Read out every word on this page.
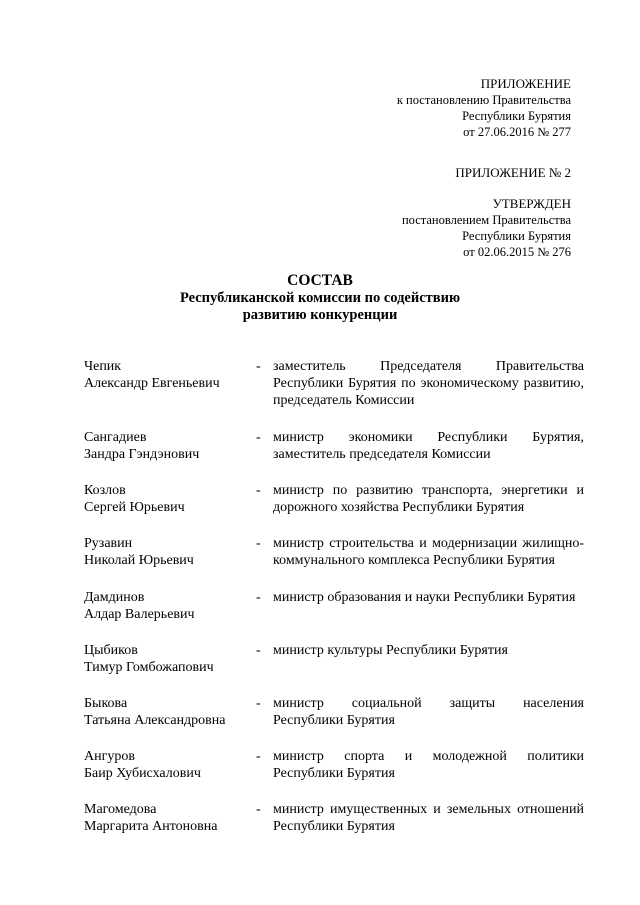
ПРИЛОЖЕНИЕ
к постановлению Правительства
Республики Бурятия
от 27.06.2016 № 277
ПРИЛОЖЕНИЕ № 2
УТВЕРЖДЕН
постановлением Правительства
Республики Бурятия
от 02.06.2015 № 276
СОСТАВ
Республиканской комиссии по содействию
развитию конкуренции
Чепик
Александр Евгеньевич
- заместитель Председателя Правительства Республики Бурятия по экономическому развитию, председатель Комиссии
Сангадиев
Зандра Гэндэнович
- министр экономики Республики Бурятия, заместитель председателя Комиссии
Козлов
Сергей Юрьевич
- министр по развитию транспорта, энергетики и дорожного хозяйства Республики Бурятия
Рузавин
Николай Юрьевич
- министр строительства и модернизации жилищно-коммунального комплекса Республики Бурятия
Дамдинов
Алдар Валерьевич
- министр образования и науки Республики Бурятия
Цыбиков
Тимур Гомбожапович
- министр культуры Республики Бурятия
Быкова
Татьяна Александровна
- министр социальной защиты населения Республики Бурятия
Ангуров
Баир Хубисхалович
- министр спорта и молодежной политики Республики Бурятия
Магомедова
Маргарита Антоновна
- министр имущественных и земельных отношений Республики Бурятия
